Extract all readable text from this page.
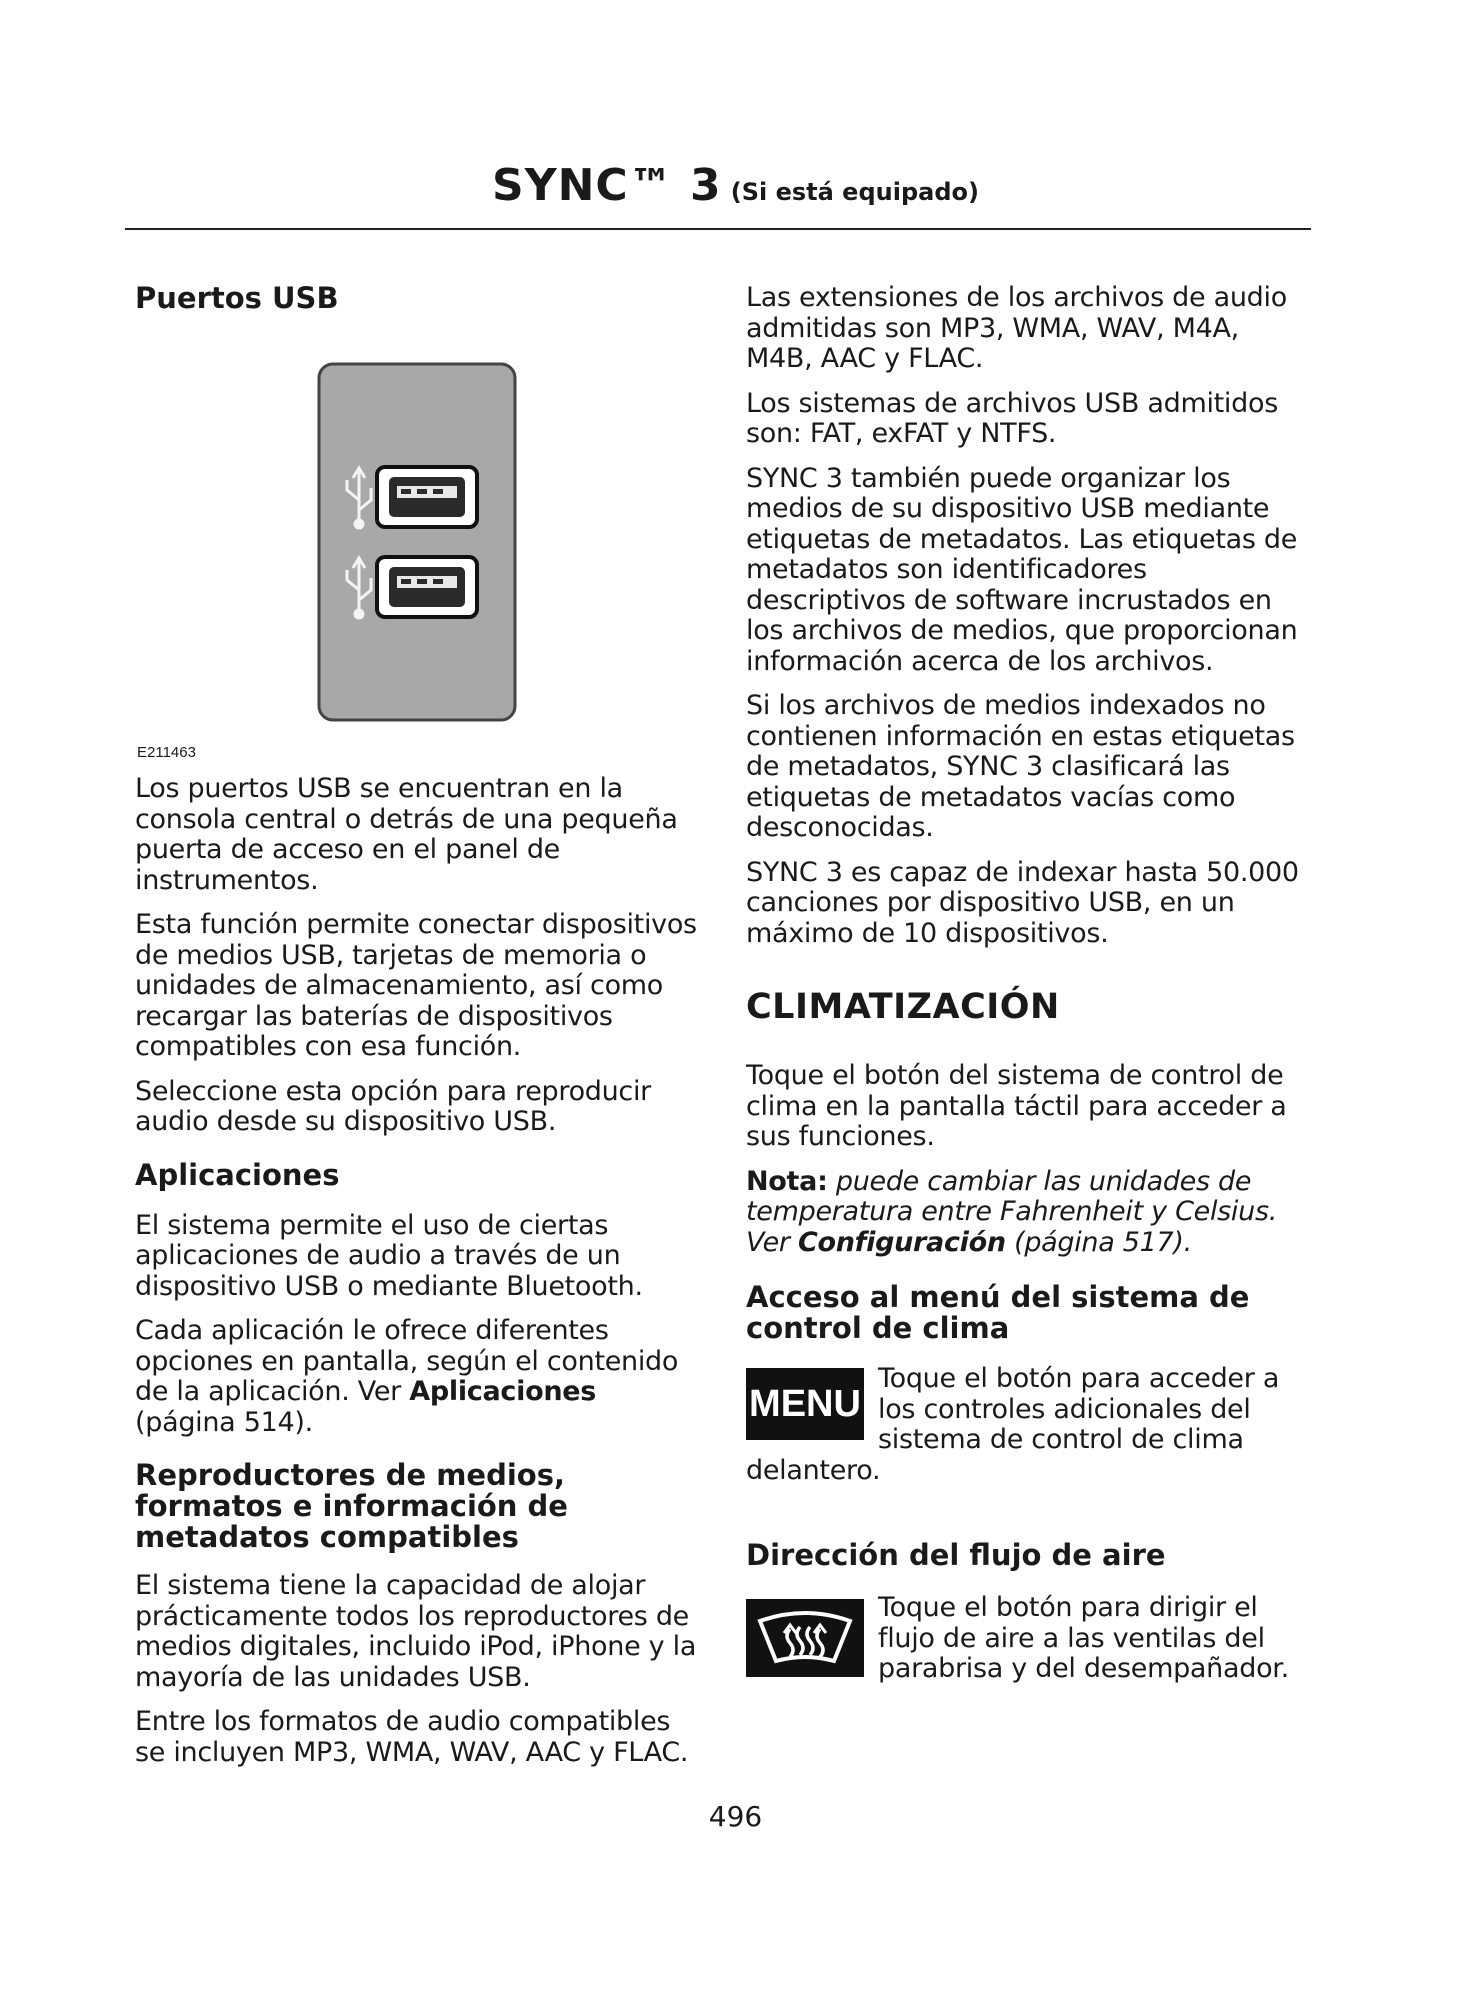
SYNC™ 3 (Si está equipado)
Puertos USB
E211463

Los puertos USB se encuentran en la consola central o detrás de una pequeña puerta de acceso en el panel de instrumentos.

Esta función permite conectar dispositivos de medios USB, tarjetas de memoria o unidades de almacenamiento, así como recargar las baterías de dispositivos compatibles con esa función.

Seleccione esta opción para reproducir audio desde su dispositivo USB.

Aplicaciones

El sistema permite el uso de ciertas aplicaciones de audio a través de un dispositivo USB o mediante Bluetooth.

Cada aplicación le ofrece diferentes opciones en pantalla, según el contenido de la aplicación. Ver Aplicaciones (página 514).

Reproductores de medios, formatos e información de metadatos compatibles

El sistema tiene la capacidad de alojar prácticamente todos los reproductores de medios digitales, incluido iPod, iPhone y la mayoría de las unidades USB.

Entre los formatos de audio compatibles se incluyen MP3, WMA, WAV, AAC y FLAC.

Las extensiones de los archivos de audio admitidas son MP3, WMA, WAV, M4A, M4B, AAC y FLAC.

Los sistemas de archivos USB admitidos son: FAT, exFAT y NTFS.

SYNC 3 también puede organizar los medios de su dispositivo USB mediante etiquetas de metadatos. Las etiquetas de metadatos son identificadores descriptivos de software incrustados en los archivos de medios, que proporcionan información acerca de los archivos.

Si los archivos de medios indexados no contienen información en estas etiquetas de metadatos, SYNC 3 clasificará las etiquetas de metadatos vacías como desconocidas.

SYNC 3 es capaz de indexar hasta 50.000 canciones por dispositivo USB, en un máximo de 10 dispositivos.

CLIMATIZACIÓN

Toque el botón del sistema de control de clima en la pantalla táctil para acceder a sus funciones.

Nota: puede cambiar las unidades de temperatura entre Fahrenheit y Celsius. Ver Configuración (página 517).

Acceso al menú del sistema de control de clima
MENU

Toque el botón para acceder a los controles adicionales del sistema de control de clima delantero.

Dirección del flujo de aire

Toque el botón para dirigir el flujo de aire a las ventilas del parabrisa y del desempañador.

496
